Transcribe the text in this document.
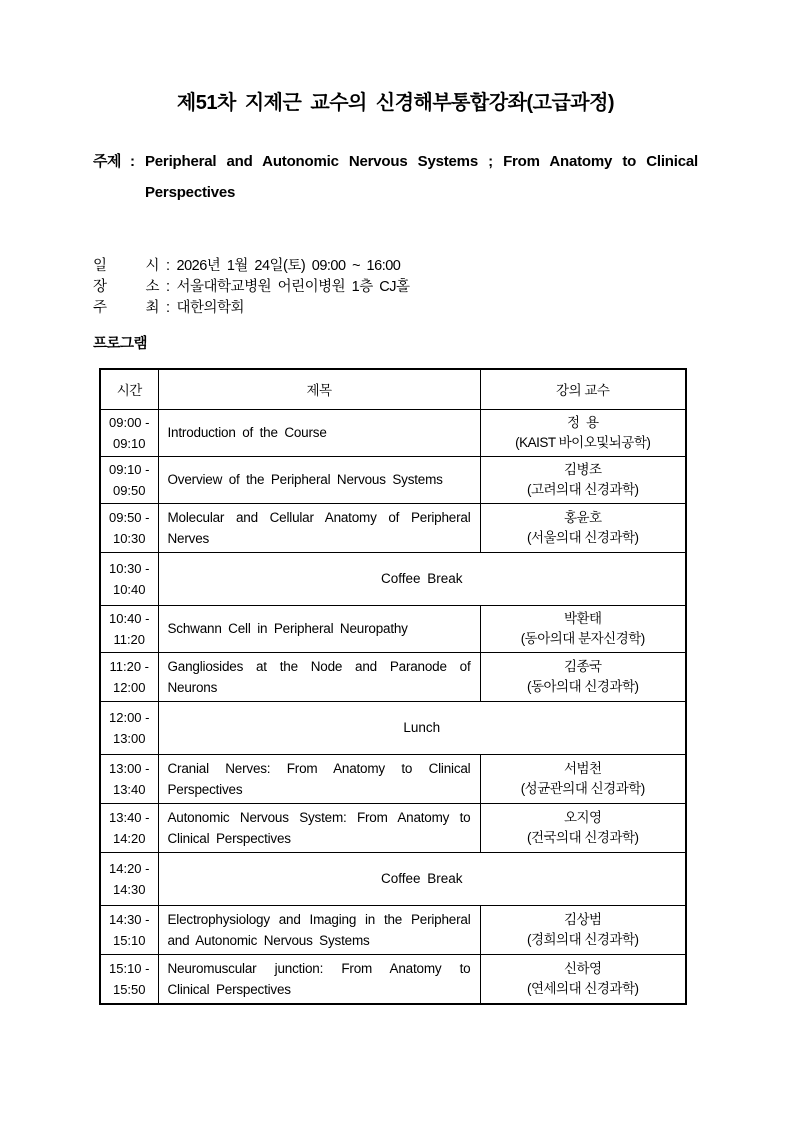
제51차 지제근 교수의 신경해부통합강좌(고급과정)
주제 : Peripheral and Autonomic Nervous Systems ; From Anatomy to Clinical Perspectives

일	시 : 2026년 1월 24일(토) 09:00 ~ 16:00
장	소 : 서울대학교병원 어린이병원 1층 CJ홀
주	최 : 대한의학회
프로그램
시간	제목	강의 교수

09:00 -
09:10	Introduction of the Course	정  용
(KAIST 바이오및뇌공학)

09:10 -
09:50	Overview of the Peripheral Nervous Systems	김병조
(고려의대 신경과학)

09:50 -
10:30	Molecular and Cellular Anatomy of Peripheral Nerves	홍윤호
(서울의대 신경과학)

10:30 -
10:40	Coffee Break	

10:40 -
11:20	Schwann Cell in Peripheral Neuropathy	박환태
(동아의대 분자신경학)

11:20 -
12:00	Gangliosides at the Node and Paranode of Neurons	김종국
(동아의대 신경과학)

12:00 -
13:00	Lunch	

13:00 -
13:40	Cranial Nerves: From Anatomy to Clinical Perspectives	서범천
(성균관의대 신경과학)

13:40 -
14:20	Autonomic Nervous System: From Anatomy to Clinical Perspectives	오지영
(건국의대 신경과학)

14:20 -
14:30	Coffee Break	

14:30 -
15:10	Electrophysiology and Imaging in the Peripheral and Autonomic Nervous Systems	김상범
(경희의대 신경과학)

15:10 -
15:50	Neuromuscular junction: From Anatomy to Clinical Perspectives	신하영
(연세의대 신경과학)
